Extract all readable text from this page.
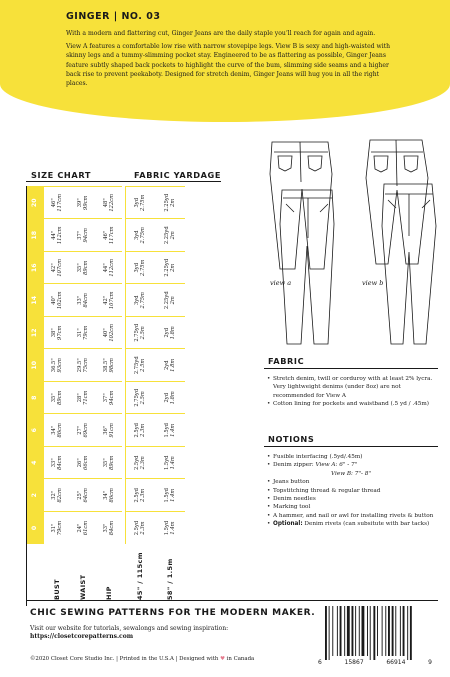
GINGER | NO. 03

With a modern and flattering cut, Ginger Jeans are the daily staple you’ll reach for again and again.

View A features a comfortable low rise with narrow stovepipe legs. View B is sexy and high-waisted with skinny legs and a tummy-slimming pocket stay. Engineered to be as flattering as possible, Ginger Jeans feature subtly shaped back pockets to highlight the curve of the bum, slimming side seams and a higher back rise to prevent peekaboty. Designed for stretch denim, Ginger Jeans will hug you in all the right places.

SIZE CHART	FABRIC YARDAGE
	0	2	4	6	8	10	12	14	16	18	20
BUST	31" 79cm	32" 82cm	33" 84cm	34" 86cm	35" 89cm	36.5" 93cm	38" 97cm	40" 102cm	42" 107cm	44" 112cm	46" 117cm

WAIST	24" 61cm	25" 64cm	26" 66cm	27" 69cm	28" 71cm	29.5" 75cm	31" 79cm	33" 84cm	35" 89cm	37" 94cm	39" 99cm

HIP	33" 84cm	34" 86cm	35" 89cm	36" 91cm	37" 94cm	38.5" 98cm	40" 102cm	42" 107cm	44" 112cm	46" 117cm	48" 122cm

45" / 115cm	2.5yd 2.3m	2.5yd 2.3m	2.5yd 2.3m	2.5yd 2.3m	2.75yd 2.5m	2.75yd 2.5m	2.75yd 2.5m	3yd 2.75m	3yd 2.75m	3yd 2.75m	3yd 2.75m

58" / 1.5m	1.5yd 1.4m	1.5yd 1.4m	1.5yd 1.4m	1.5yd 1.4m	2yd 1.8m	2yd 1.8m	2yd 1.8m	2.25yd 2m	2.25yd 2m	2.25yd 2m	2.25yd 2m
view a	view b
FABRIC
• Stretch denim, twill or corduroy with at least 2% lycra. Very lightweight denims (under 8oz) are not recommended for View A
• Cotton lining for pockets and waistband (.5 yd / .45m)
NOTIONS
• Fusible interfacing (.5yd/.45m)
• Denim zipper: View A: 6" - 7"
View B: 7"- 8"
• Jeans button
• Topstitching thread & regular thread
• Denim needles
• Marking tool
• A hammer, and nail or awl for installing rivets & button
• Optional: Denim rivets (can subsitute with bar tacks)
CHIC SEWING PATTERNS FOR THE MODERN MAKER.
Visit our website for tutorials, sewalongs and sewing inspiration:
https://closetcorepatterns.com
©2020 Closet Core Studio Inc. | Printed in the U.S.A | Designed with ♥ in Canada	6	15867	66914	9
